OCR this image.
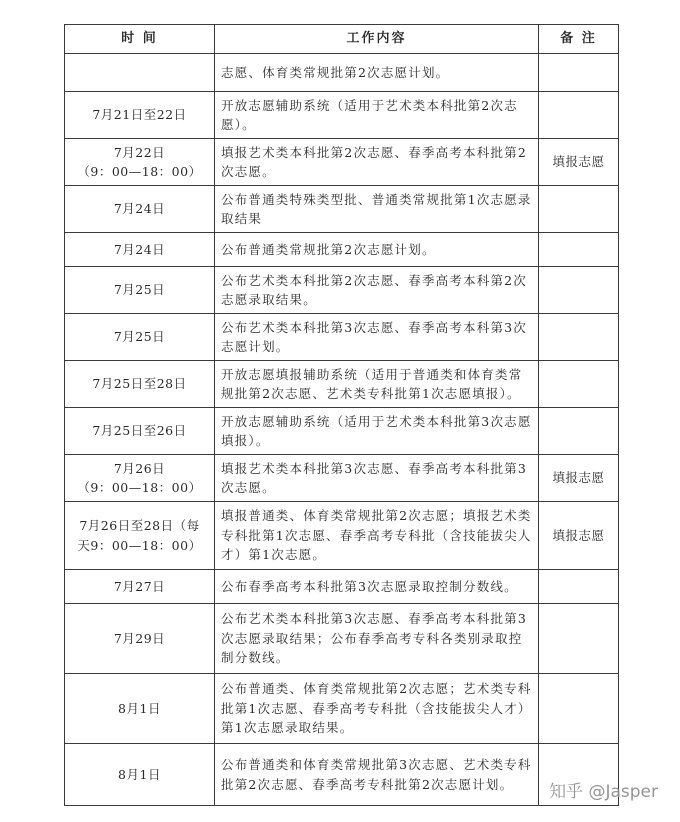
时 间	工作内容	备 注

	志愿、体育类常规批第2次志愿计划。	

7月21日至22日	开放志愿辅助系统（适用于艺术类本科批第2次志愿）。	

7月22日
（9：00—18：00）	填报艺术类本科批第2次志愿、春季高考本科批第2次志愿。	填报志愿

7月24日	公布普通类特殊类型批、普通类常规批第1次志愿录取结果	

7月24日	公布普通类常规批第2次志愿计划。	

7月25日	公布艺术类本科批第2次志愿、春季高考本科第2次志愿录取结果。	

7月25日	公布艺术类本科批第3次志愿、春季高考本科第3次志愿计划。	

7月25日至28日	开放志愿填报辅助系统（适用于普通类和体育类常规批第2次志愿、艺术类专科批第1次志愿填报）。	

7月25日至26日	开放志愿辅助系统（适用于艺术类本科批第3次志愿填报）。	

7月26日
（9：00—18：00）	填报艺术类本科批第3次志愿、春季高考本科批第3次志愿。	填报志愿

7月26日至28日（每
天9：00—18：00）	填报普通类、体育类常规批第2次志愿；填报艺术类专科批第1次志愿、春季高考专科批（含技能拔尖人才）第1次志愿。	填报志愿

7月27日	公布春季高考本科批第3次志愿录取控制分数线。	

7月29日	公布艺术类本科批第3次志愿、春季高考本科批第3次志愿录取结果；公布春季高考专科各类别录取控制分数线。	

8月1日	公布普通类、体育类常规批第2次志愿；艺术类专科批第1次志愿、春季高考专科批（含技能拔尖人才）第1次志愿录取结果。	

8月1日	公布普通类和体育类常规批第3次志愿、艺术类专科批第2次志愿、春季高考专科批第2次志愿计划。	知乎 @Jasper
